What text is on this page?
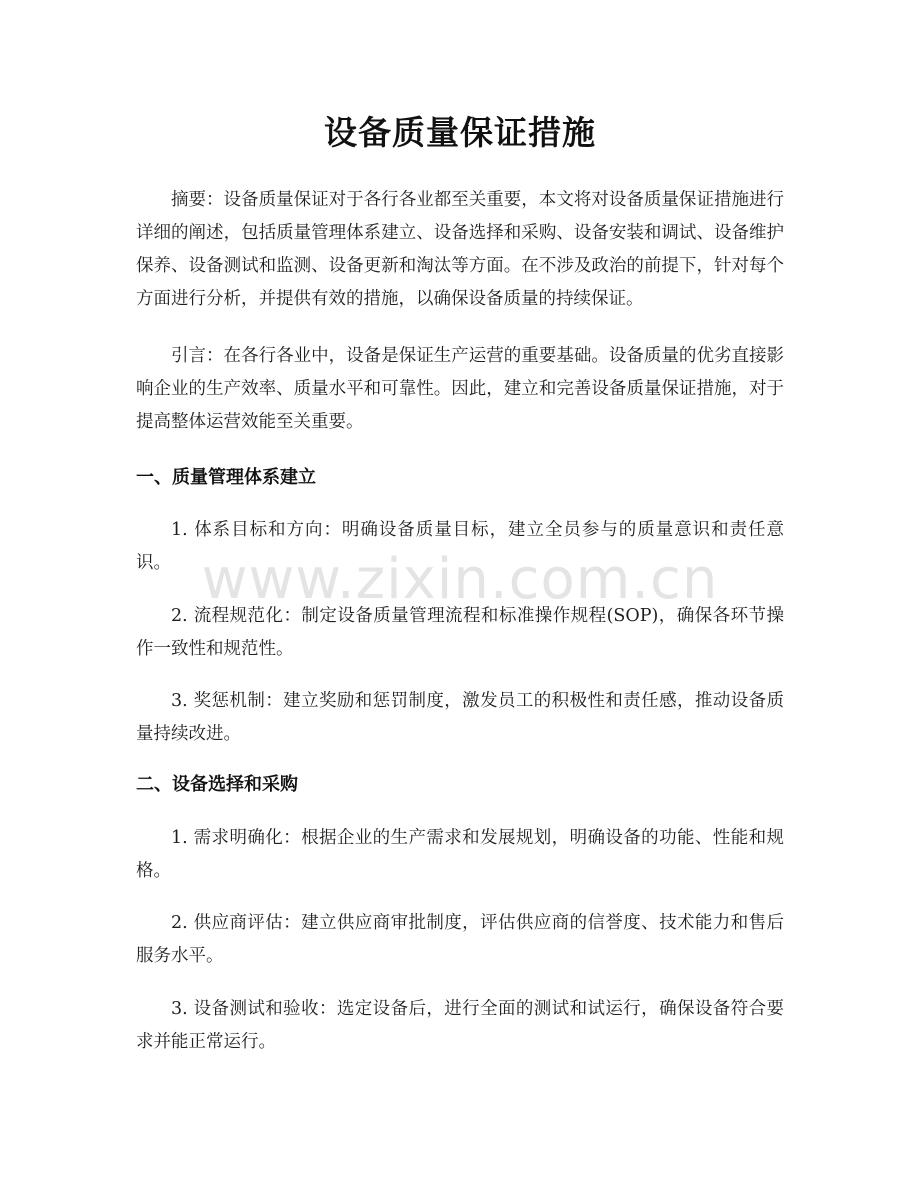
设备质量保证措施

摘要：设备质量保证对于各行各业都至关重要，本文将对设备质量保证措施进行详细的阐述，包括质量管理体系建立、设备选择和采购、设备安装和调试、设备维护保养、设备测试和监测、设备更新和淘汰等方面。在不涉及政治的前提下，针对每个方面进行分析，并提供有效的措施，以确保设备质量的持续保证。

引言：在各行各业中，设备是保证生产运营的重要基础。设备质量的优劣直接影响企业的生产效率、质量水平和可靠性。因此，建立和完善设备质量保证措施，对于提高整体运营效能至关重要。

一、质量管理体系建立

1. 体系目标和方向：明确设备质量目标，建立全员参与的质量意识和责任意识。

2. 流程规范化：制定设备质量管理流程和标准操作规程(SOP)，确保各环节操作一致性和规范性。

3. 奖惩机制：建立奖励和惩罚制度，激发员工的积极性和责任感，推动设备质量持续改进。

二、设备选择和采购

1. 需求明确化：根据企业的生产需求和发展规划，明确设备的功能、性能和规格。

2. 供应商评估：建立供应商审批制度，评估供应商的信誉度、技术能力和售后服务水平。

3. 设备测试和验收：选定设备后，进行全面的测试和试运行，确保设备符合要求并能正常运行。

www.zixin.com.cn
